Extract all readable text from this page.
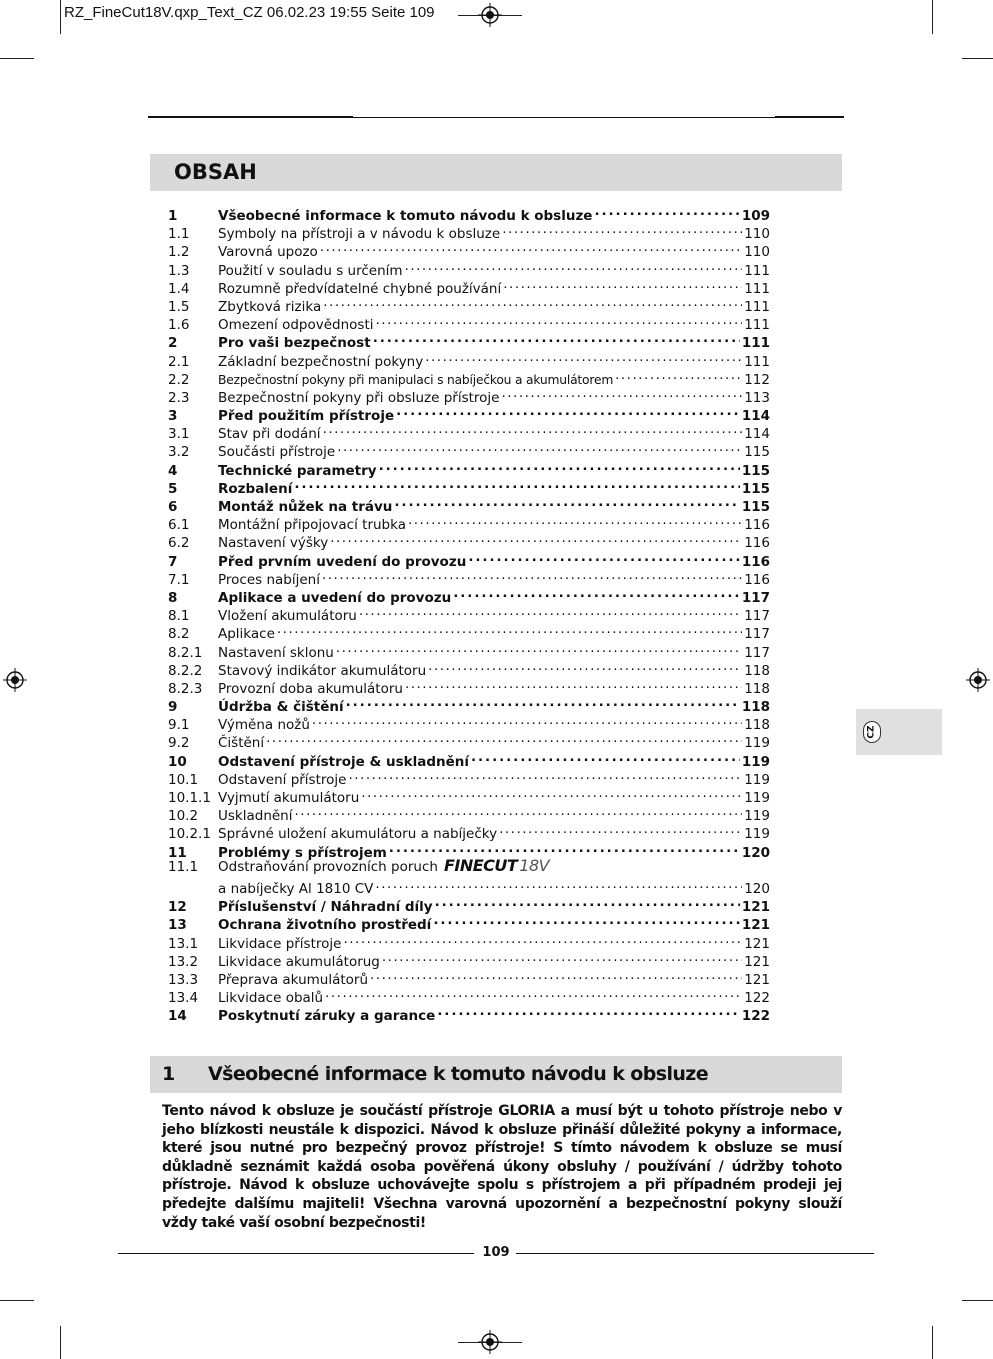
RZ_FineCut18V.qxp_Text_CZ 06.02.23 19:55 Seite 109
OBSAH
1	Všeobecné informace k tomuto návodu k obsluze . . .	109
1.1	Symboly na přístroji a v návodu k obsluze . . .	110
1.2	Varovná upozo . . .	110
1.3	Použití v souladu s určením . . .	111
1.4	Rozumně předvídatelné chybné používání . . .	111
1.5	Zbytková rizika . . .	111
1.6	Omezení odpovědnosti . . .	111
2	Pro vaši bezpečnost . . .	111
2.1	Základní bezpečnostní pokyny . . .	111
2.2	Bezpečnostní pokyny při manipulaci s nabíječkou a akumulátorem . . .	112
2.3	Bezpečnostní pokyny při obsluze přístroje . . .	113
3	Před použitím přístroje . . .	114
3.1	Stav při dodání . . .	114
3.2	Součásti přístroje . . .	115
4	Technické parametry . . .	115
5	Rozbalení . . .	115
6	Montáž nůžek na trávu . . .	115
6.1	Montážní připojovací trubka . . .	116
6.2	Nastavení výšky . . .	116
7	Před prvním uvedení do provozu . . .	116
7.1	Proces nabíjení . . .	116
8	Aplikace a uvedení do provozu . . .	117
8.1	Vložení akumulátoru . . .	117
8.2	Aplikace . . .	117
8.2.1	Nastavení sklonu . . .	117
8.2.2	Stavový indikátor akumulátoru . . .	118
8.2.3	Provozní doba akumulátoru . . .	118
9	Údržba & čištění . . .	118
9.1	Výměna nožů . . .	118
9.2	Čištění . . .	119
10	Odstavení přístroje & uskladnění . . .	119
10.1	Odstavení přístroje . . .	119
10.1.1 Vyjmutí akumulátoru . . .	119
10.2	Uskladnění . . .	119
10.2.1 Správné uložení akumulátoru a nabíječky . . .	119
11	Problémy s přístrojem . . .	120
11.1	Odstraňování provozních poruch FINECUT 18V
a nabíječky Al 1810 CV . . .	120
12	Příslušenství / Náhradní díly . . .	121
13	Ochrana životního prostředí . . .	121
13.1	Likvidace přístroje . . .	121
13.2	Likvidace akumulátorug . . .	121
13.3	Přeprava akumulátorů . . .	121
13.4	Likvidace obalů . . .	122
14	Poskytnutí záruky a garance . . .	122
CZ
1 Všeobecné informace k tomuto návodu k obsluze
Tento návod k obsluze je součástí přístroje GLORIA a musí být u tohoto přístroje nebo v jeho blízkosti neustále k dispozici. Návod k obsluze přináší důležité pokyny a informace, které jsou nutné pro bezpečný provoz přístroje! S tímto návodem k obsluze se musí důkladně seznámit každá osoba pověřená úkony obsluhy / používání / údržby tohoto přístroje. Návod k obsluze uchovávejte spolu s přístrojem a při případném prodeji jej předejte dalšímu majiteli! Všechna varovná upozornění a bezpečnostní pokyny slouží vždy také vaší osobní bezpečnosti!
109
